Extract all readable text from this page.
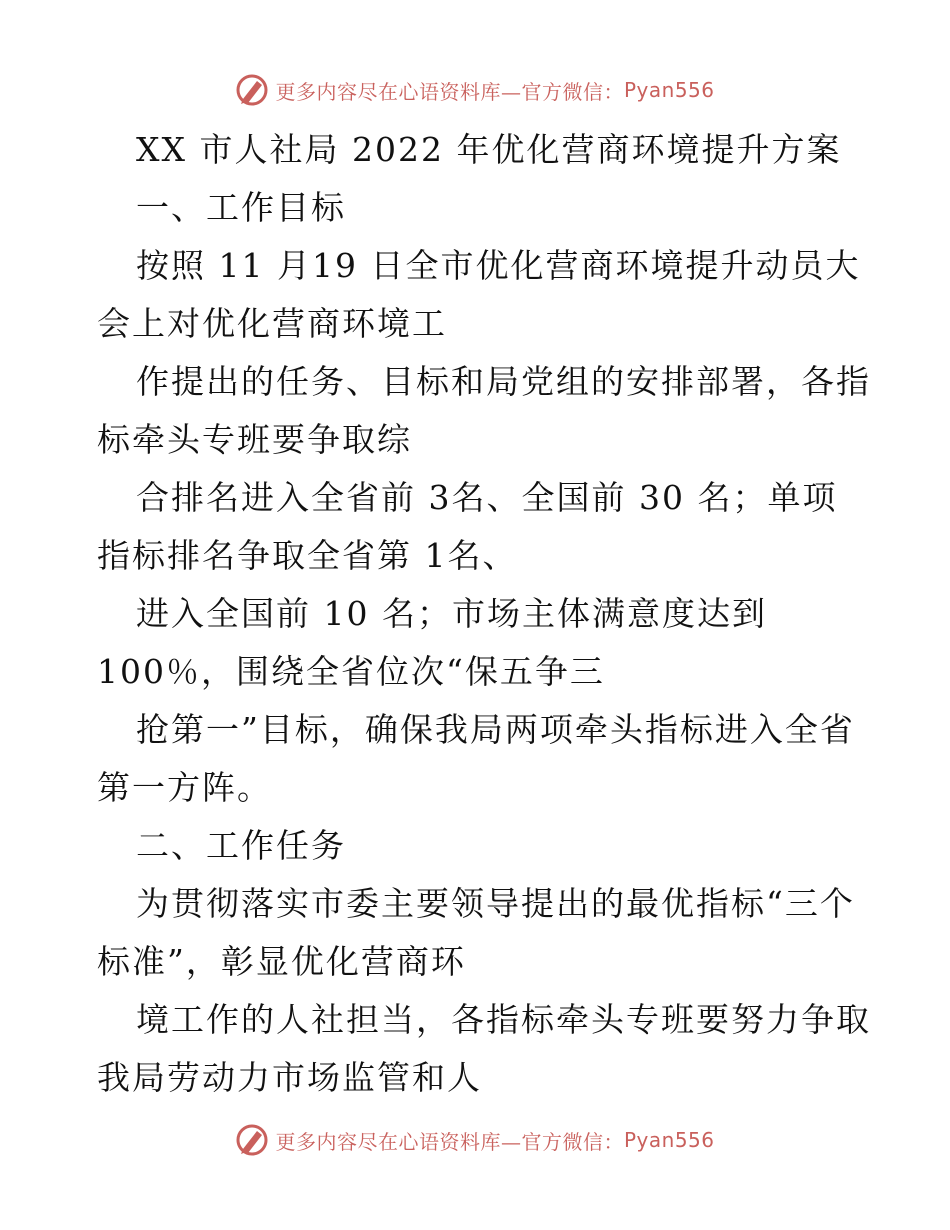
更多内容尽在心语资料库—官方微信： Pyan556
XX 市人社局 2022 年优化营商环境提升方案
一、工作目标
按照 11 月19 日全市优化营商环境提升动员大
会上对优化营商环境工
作提出的任务、目标和局党组的安排部署，各指
标牵头专班要争取综
合排名进入全省前 3名、全国前 30 名；单项
指标排名争取全省第 1名、
进入全国前 10 名；市场主体满意度达到
100％，围绕全省位次“保五争三
抢第一”目标，确保我局两项牵头指标进入全省
第一方阵。
二、工作任务
为贯彻落实市委主要领导提出的最优指标“三个
标准”，彰显优化营商环
境工作的人社担当，各指标牵头专班要努力争取
我局劳动力市场监管和人
更多内容尽在心语资料库—官方微信： Pyan556
